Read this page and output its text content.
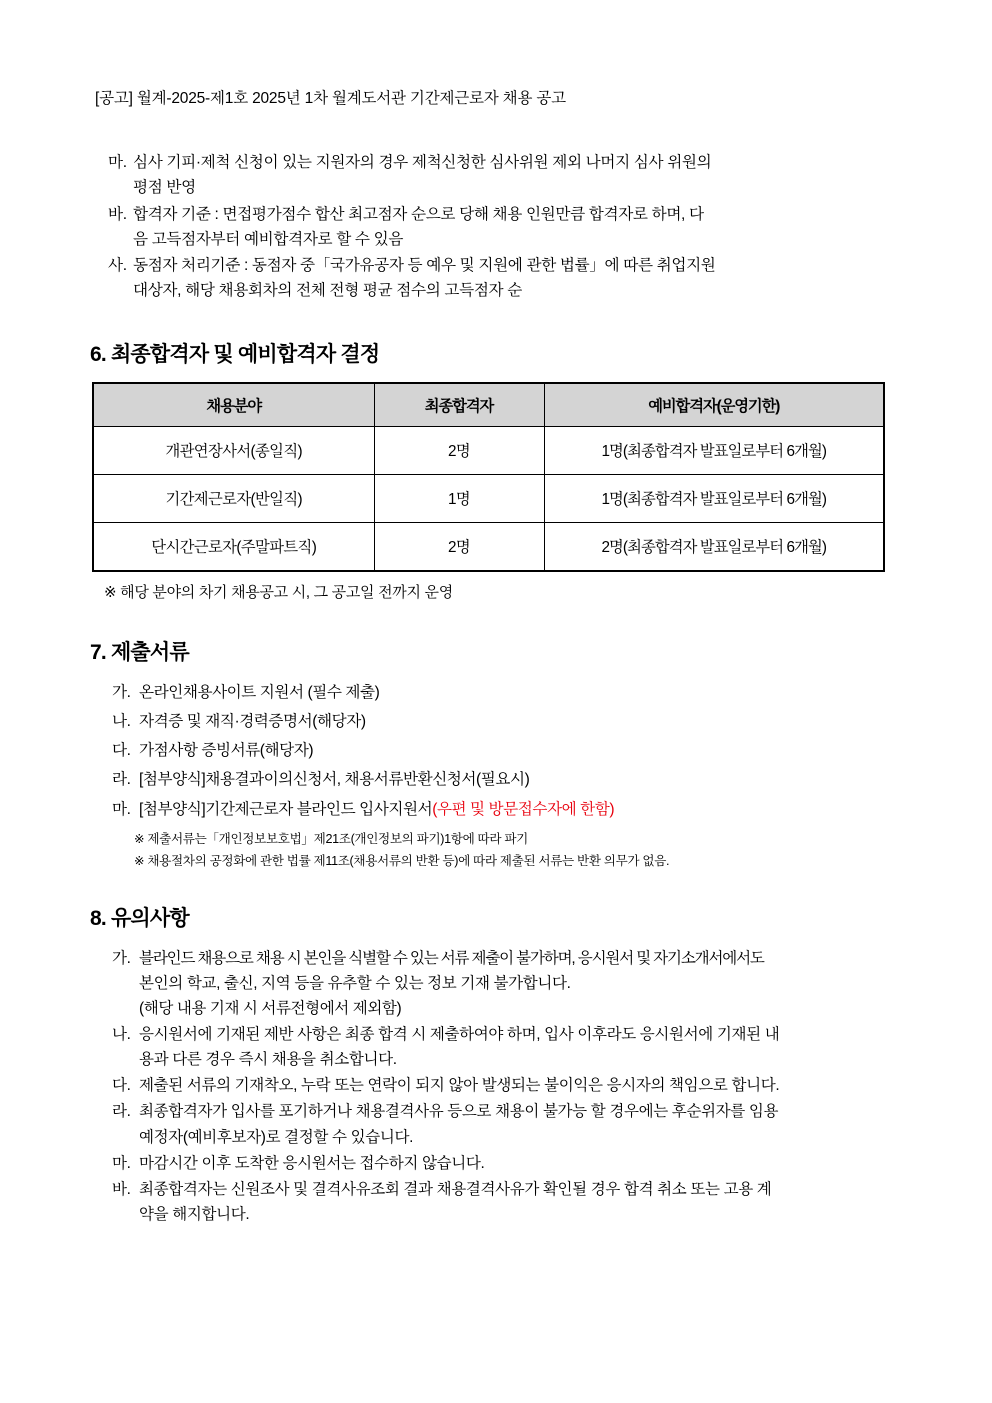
[공고] 월계-2025-제1호 2025년 1차 월계도서관 기간제근로자 채용 공고
마. 심사 기피·제척 신청이 있는 지원자의 경우 제척신청한 심사위원 제외 나머지 심사 위원의
평점 반영
바. 합격자 기준 : 면접평가점수 합산 최고점자 순으로 당해 채용 인원만큼 합격자로 하며, 다
음 고득점자부터 예비합격자로 할 수 있음
사. 동점자 처리기준 : 동점자 중「국가유공자 등 예우 및 지원에 관한 법률」에 따른 취업지원
대상자, 해당 채용회차의 전체 전형 평균 점수의 고득점자 순
6. 최종합격자 및 예비합격자 결정
채용분야	최종합격자	예비합격자(운영기한)
개관연장사서(종일직)	2명	1명(최종합격자 발표일로부터 6개월)
기간제근로자(반일직)	1명	1명(최종합격자 발표일로부터 6개월)
단시간근로자(주말파트직)	2명	2명(최종합격자 발표일로부터 6개월)
※ 해당 분야의 차기 채용공고 시, 그 공고일 전까지 운영
7. 제출서류
가. 온라인채용사이트 지원서 (필수 제출)
나. 자격증 및 재직·경력증명서(해당자)
다. 가점사항 증빙서류(해당자)
라. [첨부양식]채용결과이의신청서, 채용서류반환신청서(필요시)
마. [첨부양식]기간제근로자 블라인드 입사지원서(우편 및 방문접수자에 한함)
※ 제출서류는「개인정보보호법」제21조(개인정보의 파기)1항에 따라 파기
※ 채용절차의 공정화에 관한 법률 제11조(채용서류의 반환 등)에 따라 제출된 서류는 반환 의무가 없음.
8. 유의사항
가. 블라인드 채용으로 채용 시 본인을 식별할 수 있는 서류 제출이 불가하며, 응시원서 및 자기소개서에서도
본인의 학교, 출신, 지역 등을 유추할 수 있는 정보 기재 불가합니다.
(해당 내용 기재 시 서류전형에서 제외함)
나. 응시원서에 기재된 제반 사항은 최종 합격 시 제출하여야 하며, 입사 이후라도 응시원서에 기재된 내
용과 다른 경우 즉시 채용을 취소합니다.
다. 제출된 서류의 기재착오, 누락 또는 연락이 되지 않아 발생되는 불이익은 응시자의 책임으로 합니다.
라. 최종합격자가 입사를 포기하거나 채용결격사유 등으로 채용이 불가능 할 경우에는 후순위자를 임용
예정자(예비후보자)로 결정할 수 있습니다.
마. 마감시간 이후 도착한 응시원서는 접수하지 않습니다.
바. 최종합격자는 신원조사 및 결격사유조회 결과 채용결격사유가 확인될 경우 합격 취소 또는 고용 계
약을 해지합니다.
